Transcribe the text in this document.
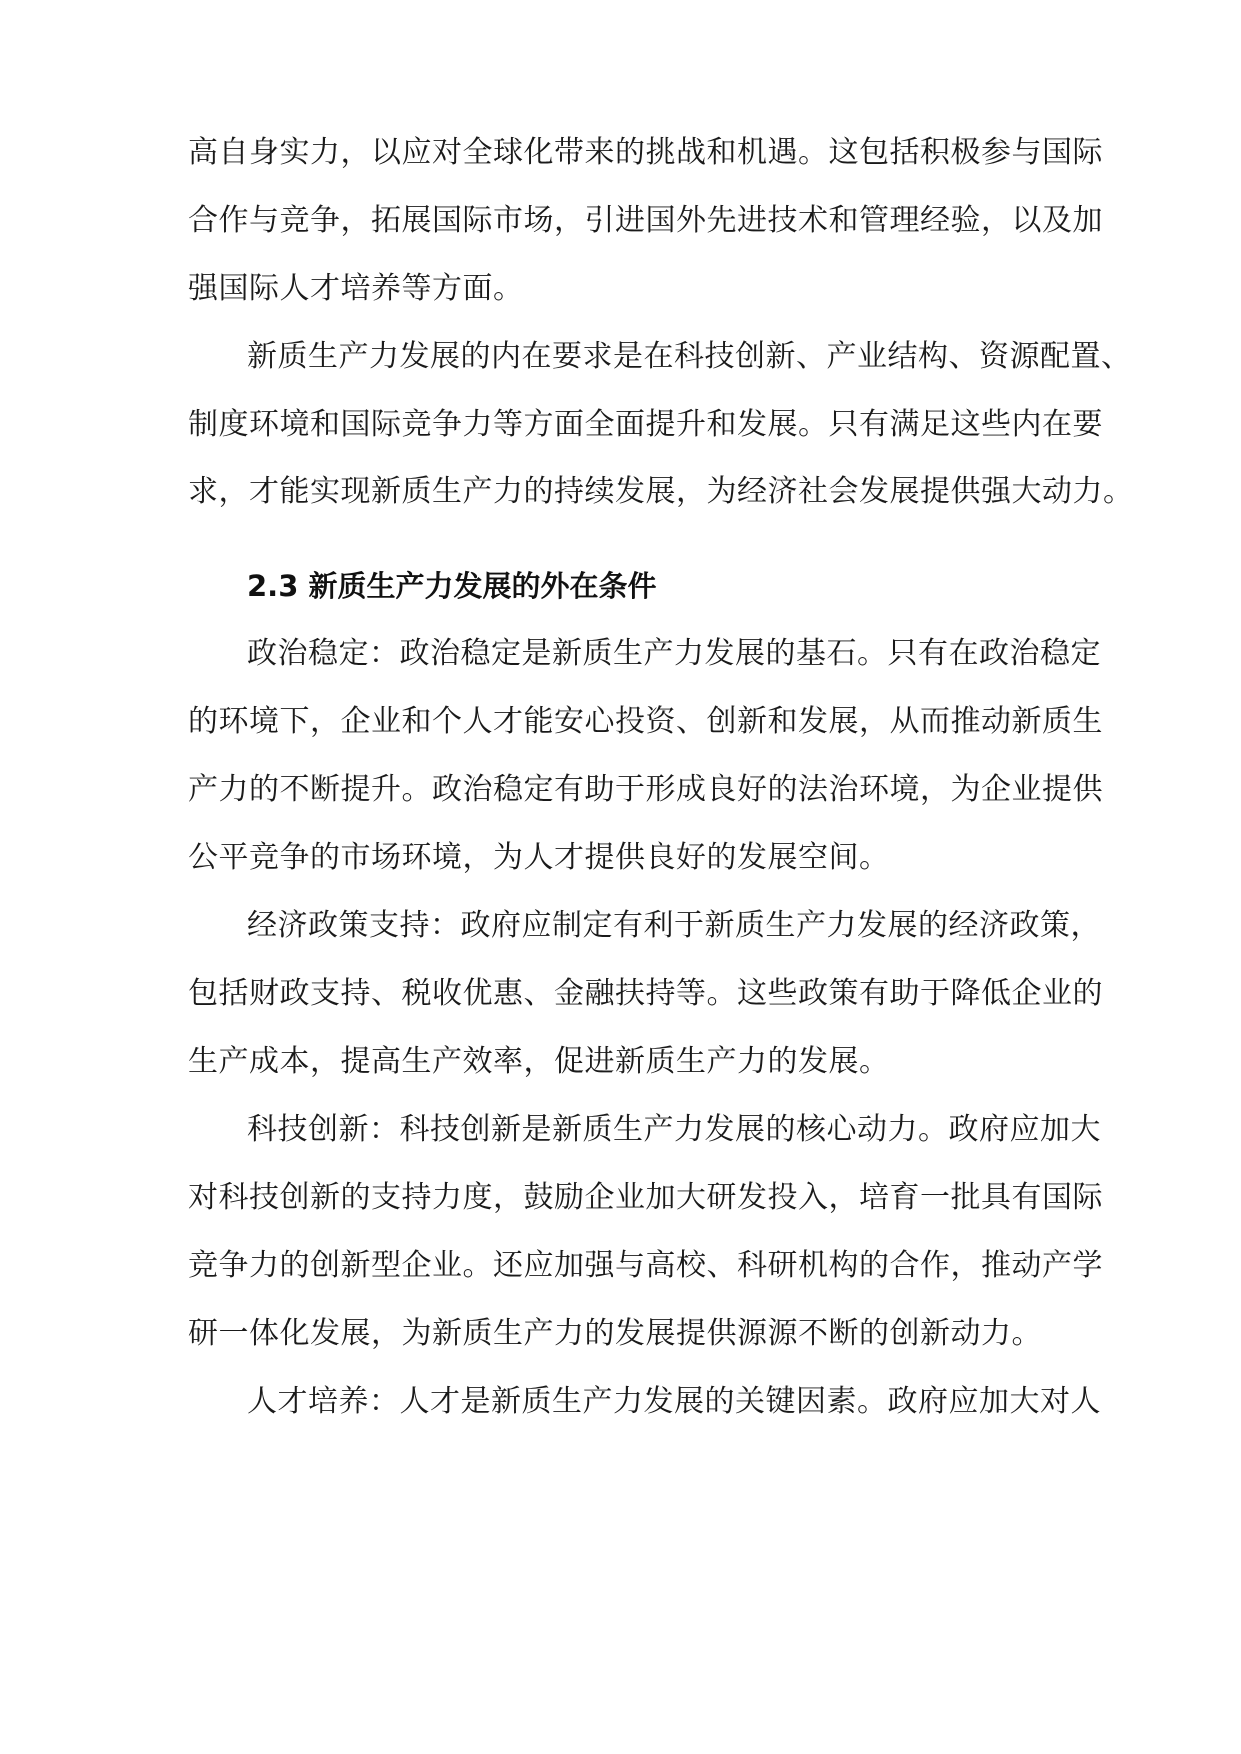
高自身实力，以应对全球化带来的挑战和机遇。这包括积极参与国际
合作与竞争，拓展国际市场，引进国外先进技术和管理经验，以及加
强国际人才培养等方面。
新质生产力发展的内在要求是在科技创新、产业结构、资源配置、
制度环境和国际竞争力等方面全面提升和发展。只有满足这些内在要
求，才能实现新质生产力的持续发展，为经济社会发展提供强大动力。
2.3 新质生产力发展的外在条件
政治稳定：政治稳定是新质生产力发展的基石。只有在政治稳定
的环境下，企业和个人才能安心投资、创新和发展，从而推动新质生
产力的不断提升。政治稳定有助于形成良好的法治环境，为企业提供
公平竞争的市场环境，为人才提供良好的发展空间。
经济政策支持：政府应制定有利于新质生产力发展的经济政策，
包括财政支持、税收优惠、金融扶持等。这些政策有助于降低企业的
生产成本，提高生产效率，促进新质生产力的发展。
科技创新：科技创新是新质生产力发展的核心动力。政府应加大
对科技创新的支持力度，鼓励企业加大研发投入，培育一批具有国际
竞争力的创新型企业。还应加强与高校、科研机构的合作，推动产学
研一体化发展，为新质生产力的发展提供源源不断的创新动力。
人才培养：人才是新质生产力发展的关键因素。政府应加大对人
